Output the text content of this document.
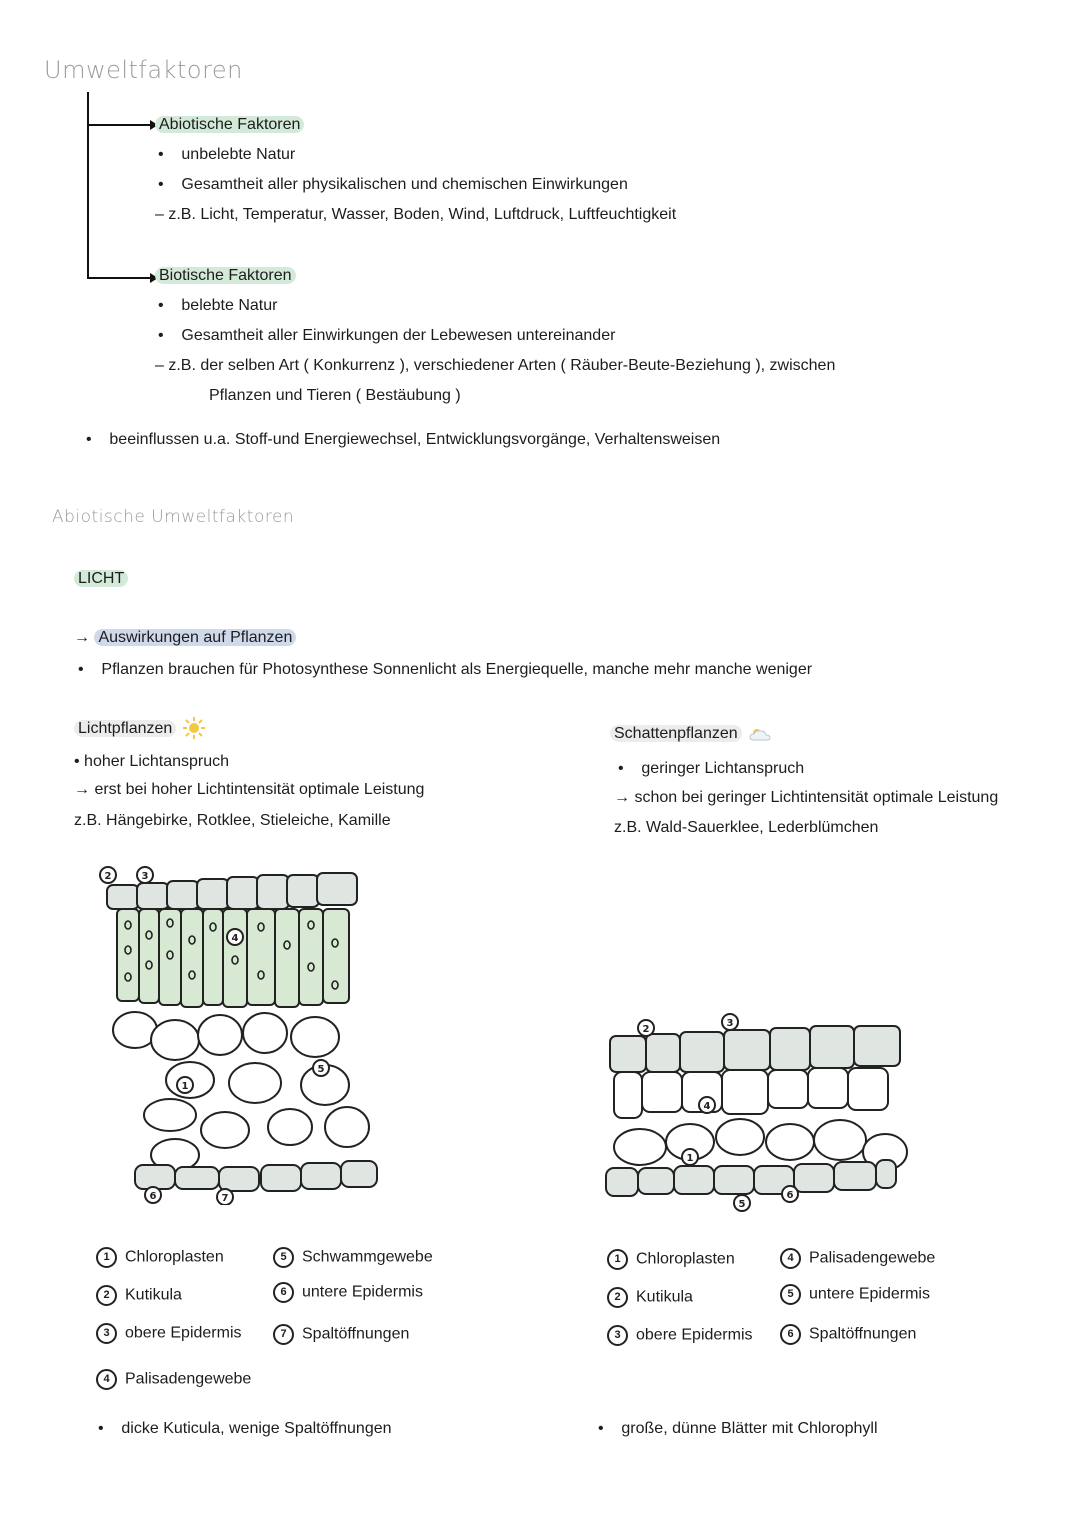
Umweltfaktoren
Abiotische Faktoren
• unbelebte Natur
• Gesamtheit aller physikalischen und chemischen Einwirkungen
– z.B. Licht, Temperatur, Wasser, Boden, Wind, Luftdruck, Luftfeuchtigkeit
Biotische Faktoren
• belebte Natur
• Gesamtheit aller Einwirkungen der Lebewesen untereinander
– z.B. der selben Art ( Konkurrenz ), verschiedener Arten ( Räuber-Beute-Beziehung ), zwischen
Pflanzen und Tieren ( Bestäubung )
• beeinflussen u.a. Stoff-und Energiewechsel, Entwicklungsvorgänge, Verhaltensweisen
Abiotische Umweltfaktoren
LICHT
→ Auswirkungen auf Pflanzen
• Pflanzen brauchen für Photosynthese Sonnenlicht als Energiequelle, manche mehr manche weniger
Lichtpflanzen
• hoher Lichtanspruch
→ erst bei hoher Lichtintensität optimale Leistung
z.B. Hängebirke, Rotklee, Stieleiche, Kamille
Schattenpflanzen
• geringer Lichtanspruch
→ schon bei geringer Lichtintensität optimale Leistung
z.B. Wald-Sauerklee, Lederblümchen
2	3
4
1
5
6	7
2
3
4
1
5
6
1 Chloroplasten
2 Kutikula
3 obere Epidermis
4 Palisadengewebe
5 Schwammgewebe
6 untere Epidermis
7 Spaltöffnungen
1 Chloroplasten
2 Kutikula
3 obere Epidermis
4 Palisadengewebe
5 untere Epidermis
6 Spaltöffnungen
• dicke Kuticula, wenige Spaltöffnungen	• große, dünne Blätter mit Chlorophyll
